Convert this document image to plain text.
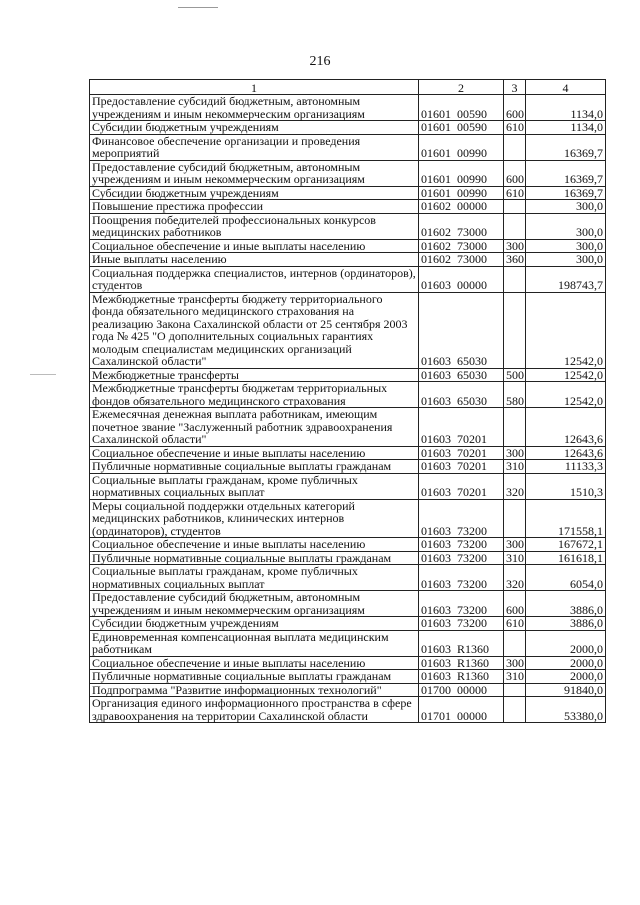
216
1	2	3	4
Предоставление субсидий бюджетным, автономным учреждениям и иным некоммерческим организациям	01601  00590	600	1134,0
Субсидии бюджетным учреждениям	01601  00590	610	1134,0
Финансовое обеспечение организации и проведения мероприятий	01601  00990		16369,7
Предоставление субсидий бюджетным, автономным учреждениям и иным некоммерческим организациям	01601  00990	600	16369,7
Субсидии бюджетным учреждениям	01601  00990	610	16369,7
Повышение престижа профессии	01602  00000		300,0
Поощрения победителей профессиональных конкурсов медицинских работников	01602  73000		300,0
Социальное обеспечение и иные выплаты населению	01602  73000	300	300,0
Иные выплаты населению	01602  73000	360	300,0
Социальная поддержка специалистов, интернов (ординаторов), студентов	01603  00000		198743,7
Межбюджетные трансферты бюджету территориального фонда обязательного медицинского страхования на реализацию Закона Сахалинской области от 25 сентября 2003 года № 425 "О дополнительных социальных гарантиях молодым специалистам медицинских организаций Сахалинской области"	01603  65030		12542,0
Межбюджетные трансферты	01603  65030	500	12542,0
Межбюджетные трансферты бюджетам территориальных фондов обязательного медицинского страхования	01603  65030	580	12542,0
Ежемесячная денежная выплата работникам, имеющим почетное звание "Заслуженный работник здравоохранения Сахалинской области"	01603  70201		12643,6
Социальное обеспечение и иные выплаты населению	01603  70201	300	12643,6
Публичные нормативные социальные выплаты гражданам	01603  70201	310	11133,3
Социальные выплаты гражданам, кроме публичных нормативных социальных выплат	01603  70201	320	1510,3
Меры социальной поддержки отдельных категорий медицинских работников, клинических интернов (ординаторов), студентов	01603  73200		171558,1
Социальное обеспечение и иные выплаты населению	01603  73200	300	167672,1
Публичные нормативные социальные выплаты гражданам	01603  73200	310	161618,1
Социальные выплаты гражданам, кроме публичных нормативных социальных выплат	01603  73200	320	6054,0
Предоставление субсидий бюджетным, автономным учреждениям и иным некоммерческим организациям	01603  73200	600	3886,0
Субсидии бюджетным учреждениям	01603  73200	610	3886,0
Единовременная компенсационная выплата медицинским работникам	01603  R1360		2000,0
Социальное обеспечение и иные выплаты населению	01603  R1360	300	2000,0
Публичные нормативные социальные выплаты гражданам	01603  R1360	310	2000,0
Подпрограмма "Развитие информационных технологий"	01700  00000		91840,0
Организация единого информационного пространства в сфере здравоохранения на территории Сахалинской области	01701  00000		53380,0
